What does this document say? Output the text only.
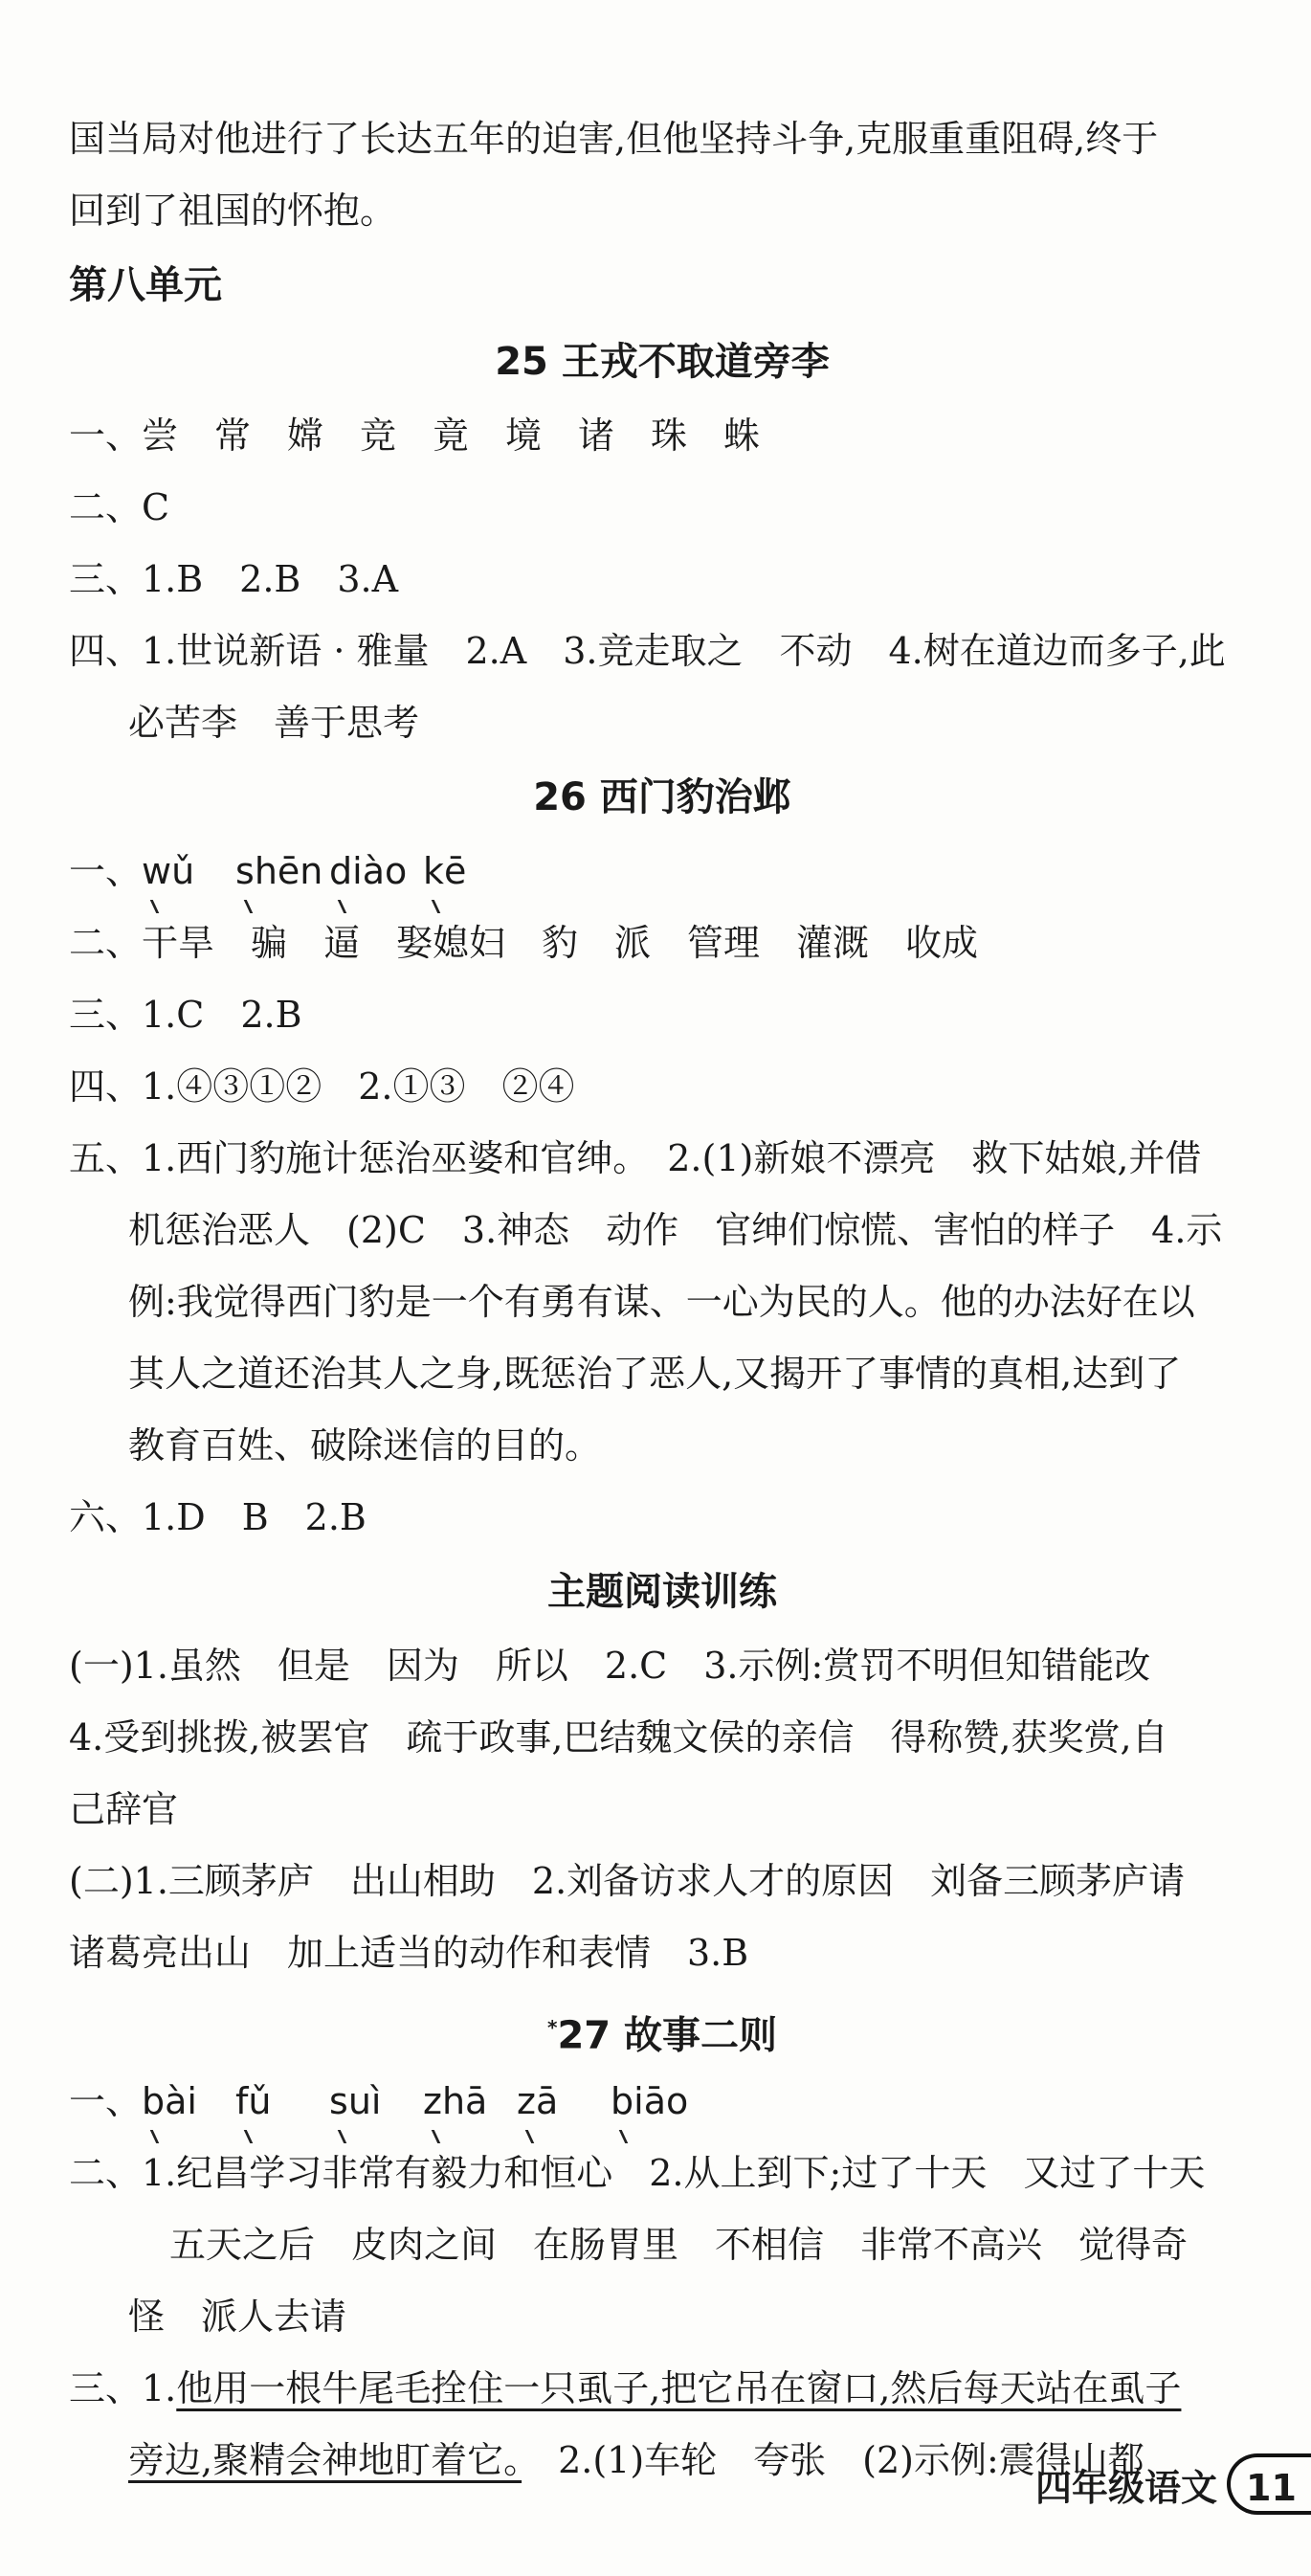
国当局对他进行了长达五年的迫害,但他坚持斗争,克服重重阻碍,终于
回到了祖国的怀抱。
第八单元
25 王戎不取道旁李
一、尝　常　嫦　竞　竟　境　诸　珠　蛛
二、C
三、1.B　2.B　3.A
四、1.世说新语 · 雅量　2.A　3.竞走取之　不动　4.树在道边而多子,此
必苦李　善于思考
26 西门豹治邺
一、wǔ shēn diào kē
二、干旱　骗　逼　娶媳妇　豹　派　管理　灌溉　收成
三、1.C　2.B
四、1.④③①②　2.①③　②④
五、1.西门豹施计惩治巫婆和官绅。　2.(1)新娘不漂亮　救下姑娘,并借
机惩治恶人　(2)C　3.神态　动作　官绅们惊慌、害怕的样子　4.示
例:我觉得西门豹是一个有勇有谋、一心为民的人。他的办法好在以
其人之道还治其人之身,既惩治了恶人,又揭开了事情的真相,达到了
教育百姓、破除迷信的目的。
六、1.D　B　2.B
主题阅读训练
(一)1.虽然　但是　因为　所以　2.C　3.示例:赏罚不明但知错能改
4.受到挑拨,被罢官　疏于政事,巴结魏文侯的亲信　得称赞,获奖赏,自
己辞官
(二)1.三顾茅庐　出山相助　2.刘备访求人才的原因　刘备三顾茅庐请
诸葛亮出山　加上适当的动作和表情　3.B
*27 故事二则
一、bài fǔ suì zhā zā biāo
二、1.纪昌学习非常有毅力和恒心　2.从上到下;过了十天　又过了十天
五天之后　皮肉之间　在肠胃里　不相信　非常不高兴　觉得奇
怪　派人去请
三、1.他用一根牛尾毛拴住一只虱子,把它吊在窗口,然后每天站在虱子
旁边,聚精会神地盯着它。　2.(1)车轮　夸张　(2)示例:震得山都
四年级语文 11
